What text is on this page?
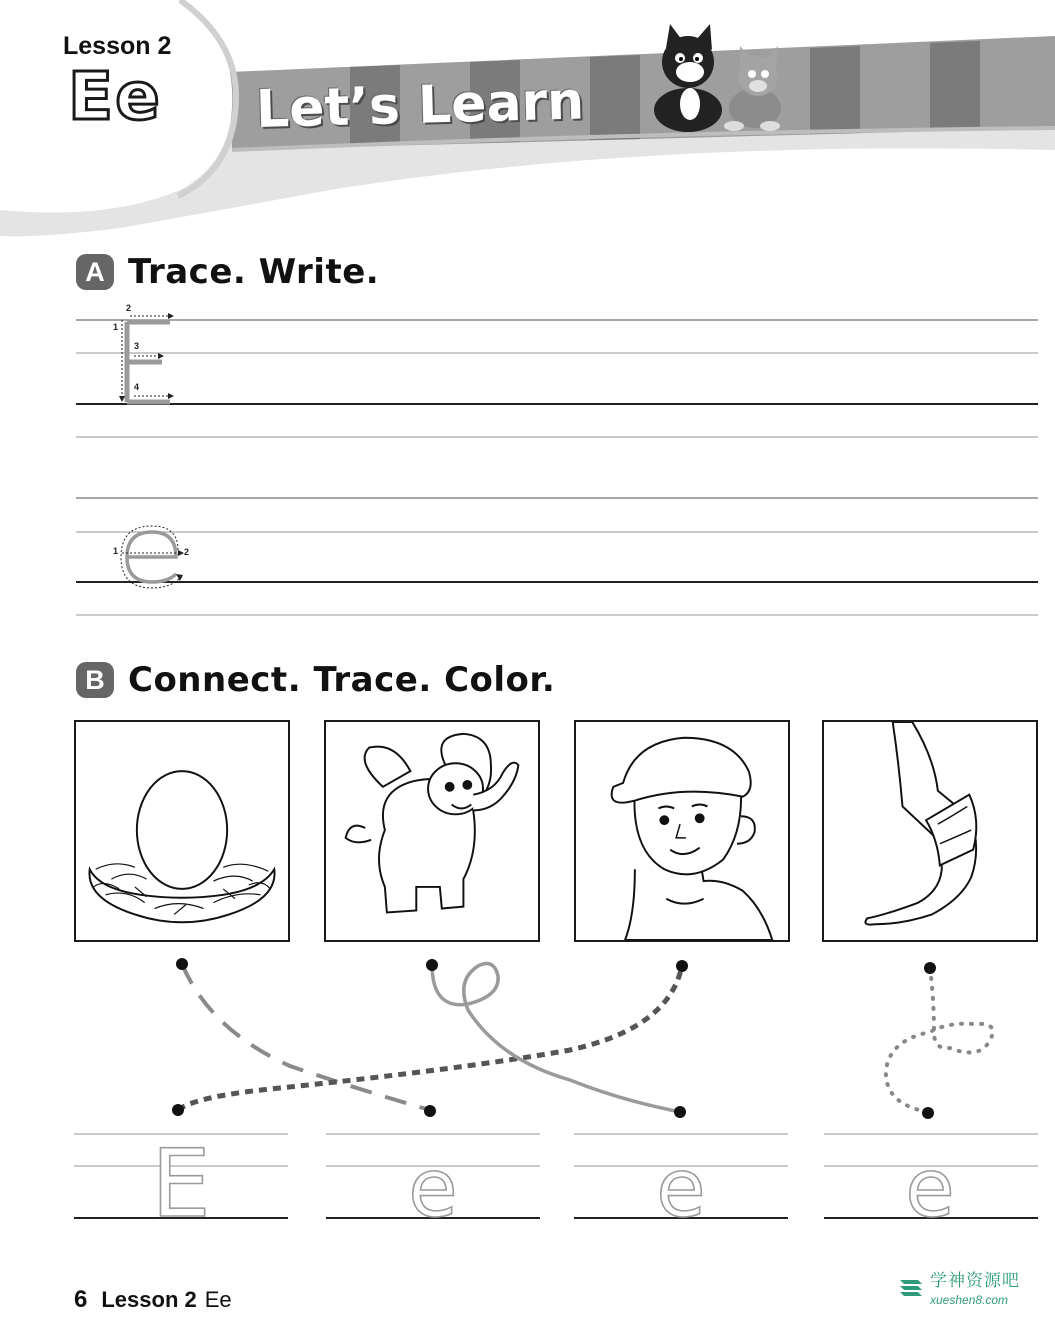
Lesson 2
Ee Let’s Learn
A Trace. Write.
1
2
3
4
1	2
B Connect. Trace. Color.
E e e e
6 Lesson 2 Ee
学神资源吧
xueshen8.com
